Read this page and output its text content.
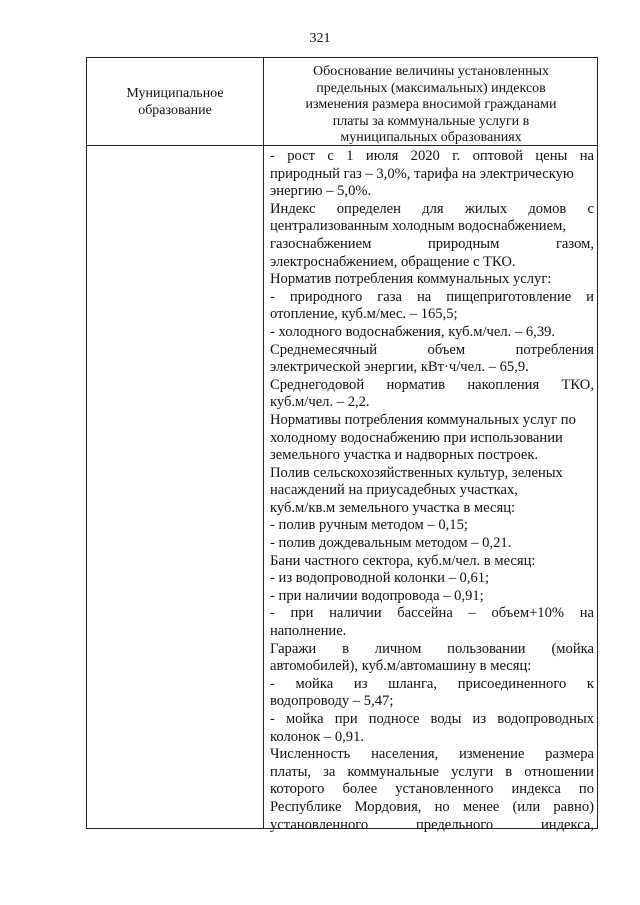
321
Муниципальное образование
Обоснование величины установленных
предельных (максимальных) индексов
изменения размера вносимой гражданами
платы за коммунальные услуги в
муниципальных образованиях
- рост с 1 июля 2020 г. оптовой цены на
природный газ – 3,0%, тарифа на электрическую
энергию – 5,0%.
Индекс определен для жилых домов с
централизованным холодным водоснабжением,
газоснабжением природным газом,
электроснабжением, обращение с ТКО.
Норматив потребления коммунальных услуг:
- природного газа на пищеприготовление и
отопление, куб.м/мес. – 165,5;
- холодного водоснабжения, куб.м/чел. – 6,39.
Среднемесячный объем потребления
электрической энергии, кВт·ч/чел. – 65,9.
Среднегодовой норматив накопления ТКО,
куб.м/чел. – 2,2.
Нормативы потребления коммунальных услуг по
холодному водоснабжению при использовании
земельного участка и надворных построек.
Полив сельскохозяйственных культур, зеленых
насаждений на приусадебных участках,
куб.м/кв.м земельного участка в месяц:
- полив ручным методом – 0,15;
- полив дождевальным методом – 0,21.
Бани частного сектора, куб.м/чел. в месяц:
- из водопроводной колонки – 0,61;
- при наличии водопровода – 0,91;
- при наличии бассейна – объем+10% на
наполнение.
Гаражи в личном пользовании (мойка
автомобилей), куб.м/автомашину в месяц:
- мойка из шланга, присоединенного к
водопроводу – 5,47;
- мойка при подносе воды из водопроводных
колонок – 0,91.
Численность населения, изменение размера
платы, за коммунальные услуги в отношении
которого более установленного индекса по
Республике Мордовия, но менее (или равно)
установленного предельного индекса,
